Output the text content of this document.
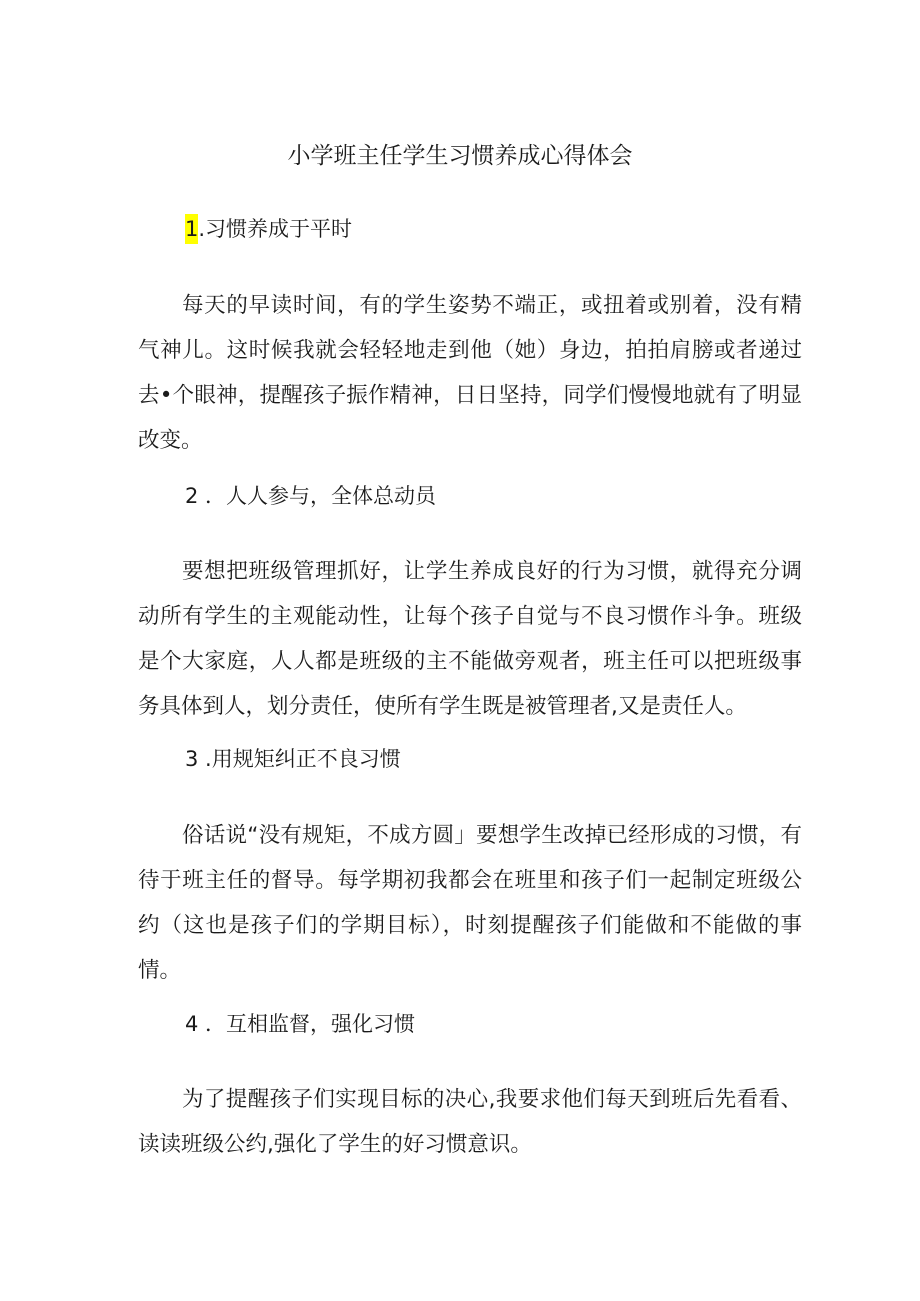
小学班主任学生习惯养成心得体会
1.习惯养成于平时
每天的早读时间，有的学生姿势不端正，或扭着或别着，没有精气神儿。这时候我就会轻轻地走到他（她）身边，拍拍肩膀或者递过去•个眼神，提醒孩子振作精神，日日坚持，同学们慢慢地就有了明显改变。
2 ．人人参与，全体总动员
要想把班级管理抓好，让学生养成良好的行为习惯，就得充分调动所有学生的主观能动性，让每个孩子自觉与不良习惯作斗争。班级是个大家庭，人人都是班级的主不能做旁观者，班主任可以把班级事务具体到人，划分责任，使所有学生既是被管理者,又是责任人。
3 .用规矩纠正不良习惯
俗话说“没有规矩，不成方圆」要想学生改掉已经形成的习惯，有待于班主任的督导。每学期初我都会在班里和孩子们一起制定班级公约（这也是孩子们的学期目标），时刻提醒孩子们能做和不能做的事情。
4 ．互相监督，强化习惯
为了提醒孩子们实现目标的决心,我要求他们每天到班后先看看、读读班级公约,强化了学生的好习惯意识。
